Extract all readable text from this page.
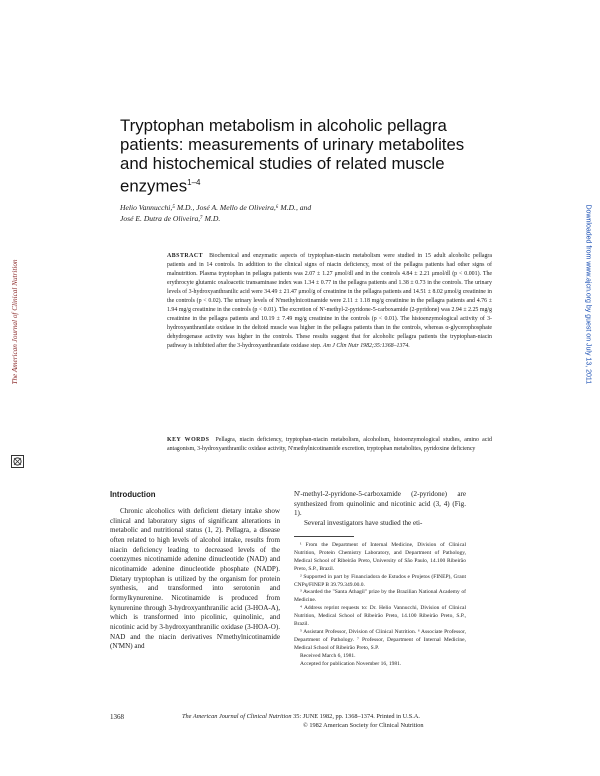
The American Journal of Clinical Nutrition
Downloaded from www.ajcn.org by guest on July 13, 2011
Tryptophan metabolism in alcoholic pellagra patients: measurements of urinary metabolites and histochemical studies of related muscle enzymes$^{1-4}$
Helio Vannucchi,⁵ M.D., José A. Mello de Oliveira,⁶ M.D., and
José E. Dutra de Oliveira,⁷ M.D.
ABSTRACT Biochemical and enzymatic aspects of tryptophan-niacin metabolism were studied in 15 adult alcoholic pellagra patients and in 14 controls. In addition to the clinical signs of niacin deficiency, most of the pellagra patients had other signs of malnutrition. Plasma tryptophan in pellagra patients was 2.07 ± 1.27 μmol/dl and in the controls 4.84 ± 2.21 μmol/dl (p < 0.001). The erythrocyte glutamic oxaloacetic transaminase index was 1.34 ± 0.77 in the pellagra patients and 1.38 ± 0.73 in the controls. The urinary levels of 3-hydroxyanthranilic acid were 34.49 ± 21.47 μmol/g of creatinine in the pellagra patients and 14.51 ± 8.02 μmol/g creatinine in the controls (p < 0.02). The urinary levels of N'methylnicotinamide were 2.11 ± 1.18 mg/g creatinine in the pellagra patients and 4.76 ± 1.94 mg/g creatinine in the controls (p < 0.01). The excretion of N'-methyl-2-pyridone-5-carboxamide (2-pyridone) was 2.94 ± 2.25 mg/g creatinine in the pellagra patients and 10.19 ± 7.49 mg/g creatinine in the controls (p < 0.01). The histoenzymological activity of 3-hydroxyanthranilate oxidase in the deltoid muscle was higher in the pellagra patients than in the controls, whereas α-glycerophosphate dehydrogenase activity was higher in the controls. These results suggest that for alcoholic pellagra patients the tryptophan-niacin pathway is inhibited after the 3-hydroxyanthranilate oxidase step. Am J Clin Nutr 1982;35:1368–1374.
KEY WORDS Pellagra, niacin deficiency, tryptophan-niacin metabolism, alcoholism, histoenzymological studies, amino acid antagonism, 3-hydroxyanthranilic oxidase activity, N'methylnicotinamide excretion, tryptophan metabolites, pyridoxine deficiency
Introduction
Chronic alcoholics with deficient dietary intake show clinical and laboratory signs of significant alterations in metabolic and nutritional status (1, 2). Pellagra, a disease often related to high levels of alcohol intake, results from niacin deficiency leading to decreased levels of the coenzymes nicotinamide adenine dinucleotide (NAD) and nicotinamide adenine dinucleotide phosphate (NADP). Dietary tryptophan is utilized by the organism for protein synthesis, and transformed into serotonin and formylkynurenine. Nicotinamide is produced from kynurenine through 3-hydroxyanthranilic acid (3-HOA-A), which is transformed into picolinic, quinolinic, and nicotinic acid by 3-hydroxyanthranilic oxidase (3-HOA-O). NAD and the niacin derivatives N'methylnicotinamide (N'MN) and
N'-methyl-2-pyridone-5-carboxamide (2-pyridone) are synthesized from quinolinic and nicotinic acid (3, 4) (Fig. 1).
Several investigators have studied the eti-

¹ From the Department of Internal Medicine, Division of Clinical Nutrition, Protein Chemistry Laboratory, and Department of Pathology, Medical School of Ribeirão Preto, University of São Paulo, 14.100 Ribeirão Preto, S.P., Brazil.

² Supported in part by Financiadora de Estudos e Projetos (FINEP), Grant CNPq/FINEP B 39.79.349.00.0.

³ Awarded the "Santa Athagil" prize by the Brazilian National Academy of Medicine.

⁴ Address reprint requests to: Dr. Helio Vannucchi, Division of Clinical Nutrition, Medical School of Ribeirão Preto, 14.100 Ribeirão Preto, S.P., Brazil.

⁵ Assistant Professor, Division of Clinical Nutrition. ⁶ Associate Professor, Department of Pathology. ⁷ Professor, Department of Internal Medicine, Medical School of Ribeirão Preto, S.P.

Received March 6, 1981.

Accepted for publication November 16, 1981.

1368	The American Journal of Clinical Nutrition 35: JUNE 1982, pp. 1368–1374. Printed in U.S.A.
© 1982 American Society for Clinical Nutrition
